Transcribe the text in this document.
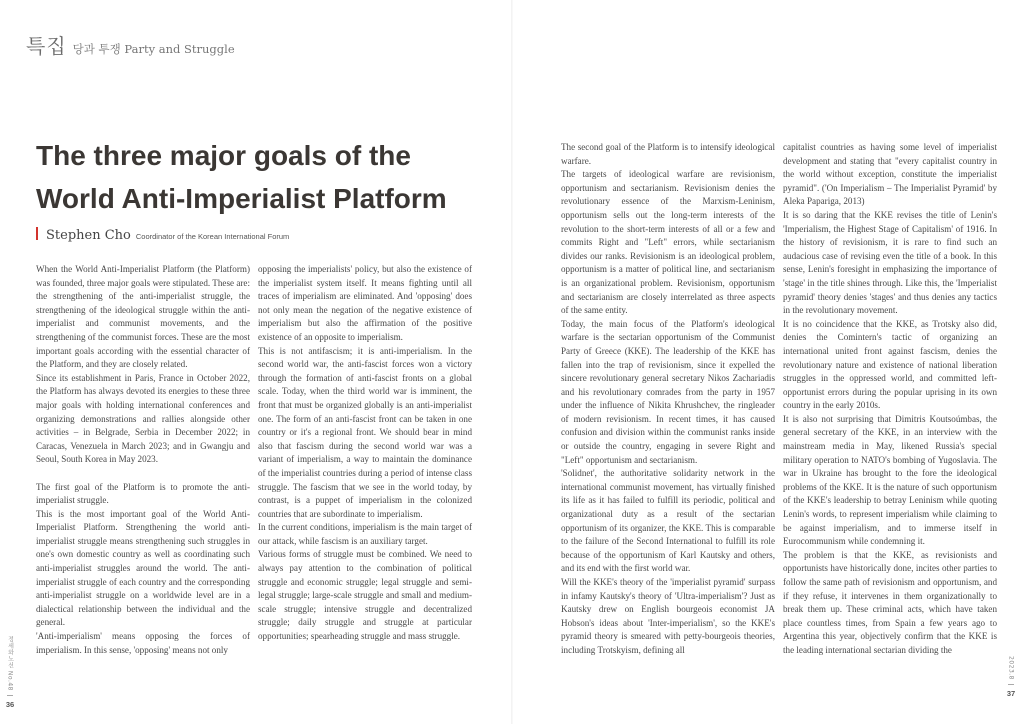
특집 당과 투쟁 Party and Struggle
The three major goals of the World Anti-Imperialist Platform
Stephen Cho Coordinator of the Korean International Forum

When the World Anti-Imperialist Platform (the Platform) was founded, three major goals were stipulated. These are: the strengthening of the anti-imperialist struggle, the strengthening of the ideological struggle within the anti-imperialist and communist movements, and the strengthening of the communist forces. These are the most important goals according with the essential character of the Platform, and they are closely related.

Since its establishment in Paris, France in October 2022, the Platform has always devoted its energies to these three major goals with holding international conferences and organizing demonstrations and rallies alongside other activities – in Belgrade, Serbia in December 2022; in Caracas, Venezuela in March 2023; and in Gwangju and Seoul, South Korea in May 2023.

The first goal of the Platform is to promote the anti-imperialist struggle.

This is the most important goal of the World Anti-Imperialist Platform. Strengthening the world anti-imperialist struggle means strengthening such struggles in one's own domestic country as well as coordinating such anti-imperialist struggles around the world. The anti-imperialist struggle of each country and the corresponding anti-imperialist struggle on a worldwide level are in a dialectical relationship between the individual and the general.

'Anti-imperialism' means opposing the forces of imperialism. In this sense, 'opposing' means not only

opposing the imperialists' policy, but also the existence of the imperialist system itself. It means fighting until all traces of imperialism are eliminated. And 'opposing' does not only mean the negation of the negative existence of imperialism but also the affirmation of the positive existence of an opposite to imperialism.

This is not antifascism; it is anti-imperialism. In the second world war, the anti-fascist forces won a victory through the formation of anti-fascist fronts on a global scale. Today, when the third world war is imminent, the front that must be organized globally is an anti-imperialist one. The form of an anti-fascist front can be taken in one country or it's a regional front. We should bear in mind also that fascism during the second world war was a variant of imperialism, a way to maintain the dominance of the imperialist countries during a period of intense class struggle. The fascism that we see in the world today, by contrast, is a puppet of imperialism in the colonized countries that are subordinate to imperialism.

In the current conditions, imperialism is the main target of our attack, while fascism is an auxiliary target.

Various forms of struggle must be combined. We need to always pay attention to the combination of political struggle and economic struggle; legal struggle and semi-legal struggle; large-scale struggle and small and medium-scale struggle; intensive struggle and decentralized struggle; daily struggle and struggle at particular opportunities; spearheading struggle and mass struggle.

The second goal of the Platform is to intensify ideological warfare.

The targets of ideological warfare are revisionism, opportunism and sectarianism. Revisionism denies the revolutionary essence of the Marxism-Leninism, opportunism sells out the long-term interests of the revolution to the short-term interests of all or a few and commits Right and "Left" errors, while sectarianism divides our ranks. Revisionism is an ideological problem, opportunism is a matter of political line, and sectarianism is an organizational problem. Revisionism, opportunism and sectarianism are closely interrelated as three aspects of the same entity.

Today, the main focus of the Platform's ideological warfare is the sectarian opportunism of the Communist Party of Greece (KKE). The leadership of the KKE has fallen into the trap of revisionism, since it expelled the sincere revolutionary general secretary Nikos Zachariadis and his revolutionary comrades from the party in 1957 under the influence of Nikita Khrushchev, the ringleader of modern revisionism. In recent times, it has caused confusion and division within the communist ranks inside or outside the country, engaging in severe Right and "Left" opportunism and sectarianism.

'Solidnet', the authoritative solidarity network in the international communist movement, has virtually finished its life as it has failed to fulfill its periodic, political and organizational duty as a result of the sectarian opportunism of its organizer, the KKE. This is comparable to the failure of the Second International to fulfill its role because of the opportunism of Karl Kautsky and others, and its end with the first world war.

Will the KKE's theory of the 'imperialist pyramid' surpass in infamy Kautsky's theory of 'Ultra-imperialism'? Just as Kautsky drew on English bourgeois economist JA Hobson's ideas about 'Inter-imperialism', so the KKE's pyramid theory is smeared with petty-bourgeois theories, including Trotskyism, defining all

capitalist countries as having some level of imperialist development and stating that "every capitalist country in the world without exception, constitute the imperialist pyramid". ('On Imperialism – The Imperialist Pyramid' by Aleka Papariga, 2013)

It is so daring that the KKE revises the title of Lenin's 'Imperialism, the Highest Stage of Capitalism' of 1916. In the history of revisionism, it is rare to find such an audacious case of revising even the title of a book. In this sense, Lenin's foresight in emphasizing the importance of 'stage' in the title shines through. Like this, the 'Imperialist pyramid' theory denies 'stages' and thus denies any tactics in the revolutionary movement.

It is no coincidence that the KKE, as Trotsky also did, denies the Comintern's tactic of organizing an international united front against fascism, denies the revolutionary nature and existence of national liberation struggles in the oppressed world, and committed left-opportunist errors during the popular uprising in its own country in the early 2010s.

It is also not surprising that Dimitris Koutsoúmbas, the general secretary of the KKE, in an interview with the mainstream media in May, likened Russia's special military operation to NATO's bombing of Yugoslavia. The war in Ukraine has brought to the fore the ideological problems of the KKE. It is the nature of such opportunism of the KKE's leadership to betray Leninism while quoting Lenin's words, to represent imperialism while claiming to be against imperialism, and to immerse itself in Eurocommunism while condemning it.

The problem is that the KKE, as revisionists and opportunists have historically done, incites other parties to follow the same path of revisionism and opportunism, and if they refuse, it intervenes in them organizationally to break them up. These criminal acts, which have taken place countless times, from Spain a few years ago to Argentina this year, objectively confirm that the KKE is the leading international sectarian dividing the

정세와노선 No.48
36
2023.8
37
